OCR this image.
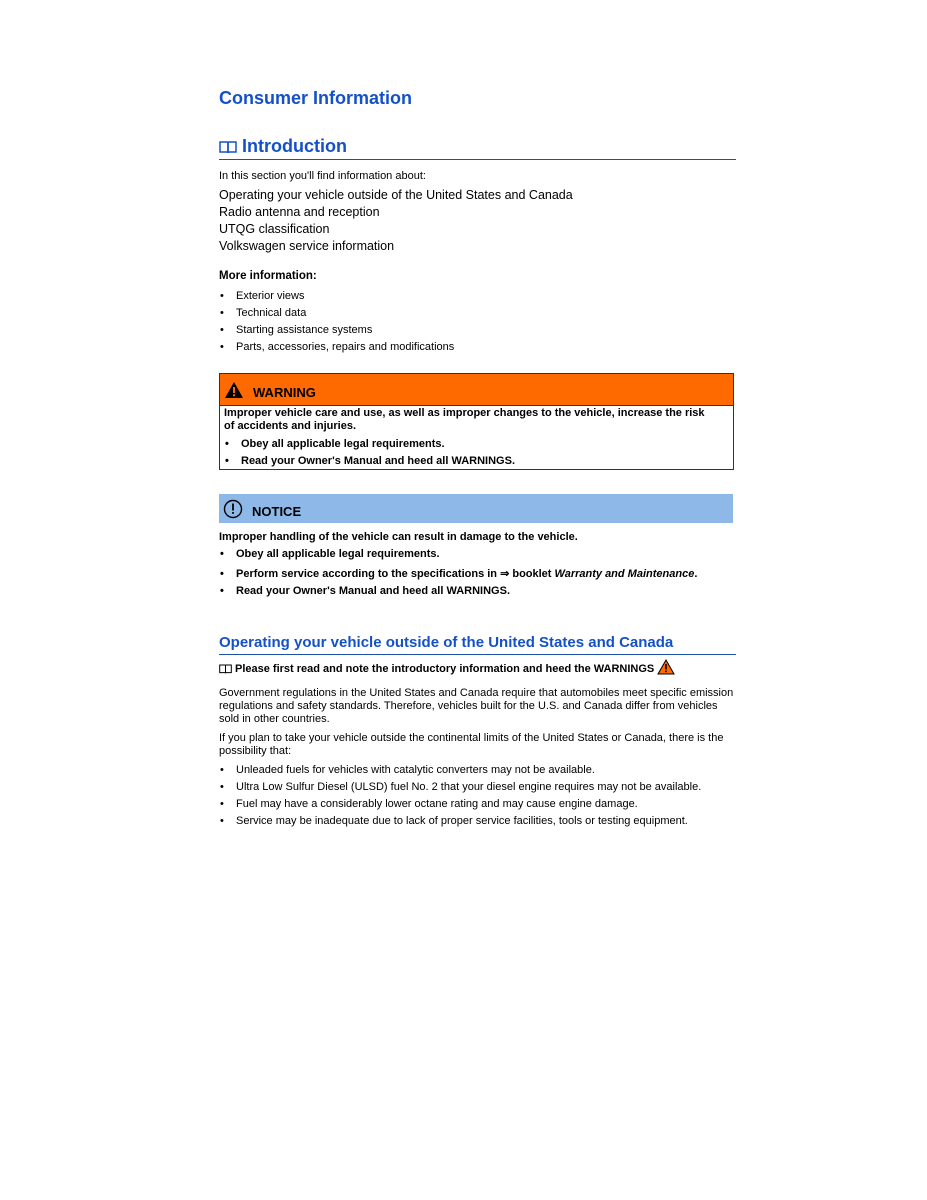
Consumer Information
Introduction
In this section you'll find information about:
Operating your vehicle outside of the United States and Canada
Radio antenna and reception
UTQG classification
Volkswagen service information
More information:
• Exterior views
• Technical data
• Starting assistance systems
• Parts, accessories, repairs and modifications
WARNING
Improper vehicle care and use, as well as improper changes to the vehicle, increase the risk
of accidents and injuries.
• Obey all applicable legal requirements.
• Read your Owner's Manual and heed all WARNINGS.
NOTICE
Improper handling of the vehicle can result in damage to the vehicle.
• Obey all applicable legal requirements.
• Perform service according to the specifications in ⇒ booklet Warranty and Maintenance.
• Read your Owner's Manual and heed all WARNINGS.
Operating your vehicle outside of the United States and Canada
Please first read and note the introductory information and heed the WARNINGS
Government regulations in the United States and Canada require that automobiles meet specific emission regulations and safety standards. Therefore, vehicles built for the U.S. and Canada differ from vehicles sold in other countries.
If you plan to take your vehicle outside the continental limits of the United States or Canada, there is the possibility that:
• Unleaded fuels for vehicles with catalytic converters may not be available.
• Ultra Low Sulfur Diesel (ULSD) fuel No. 2 that your diesel engine requires may not be available.
• Fuel may have a considerably lower octane rating and may cause engine damage.
• Service may be inadequate due to lack of proper service facilities, tools or testing equipment.
